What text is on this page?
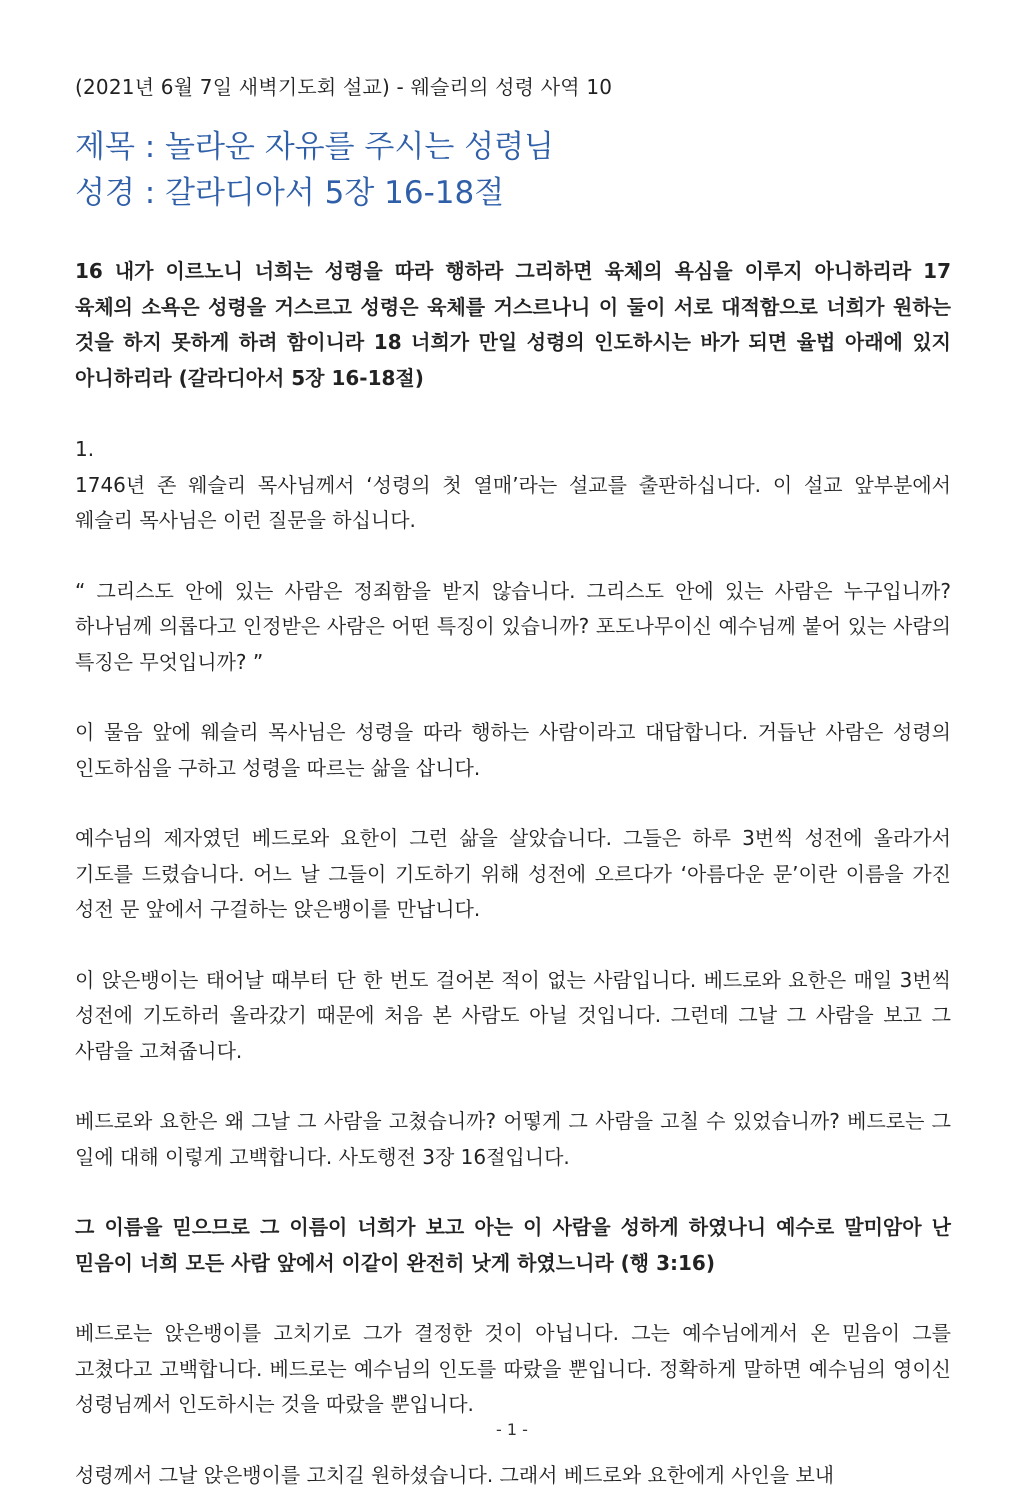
(2021년 6월 7일 새벽기도회 설교) - 웨슬리의 성령 사역 10
제목 : 놀라운 자유를 주시는 성령님
성경 : 갈라디아서 5장 16-18절

16 내가 이르노니 너희는 성령을 따라 행하라 그리하면 육체의 욕심을 이루지 아니하리라 17 육체의 소욕은 성령을 거스르고 성령은 육체를 거스르나니 이 둘이 서로 대적함으로 너희가 원하는 것을 하지 못하게 하려 함이니라 18 너희가 만일 성령의 인도하시는 바가 되면 율법 아래에 있지 아니하리라 (갈라디아서 5장 16-18절)

1.

1746년 존 웨슬리 목사님께서 ‘성령의 첫 열매’라는 설교를 출판하십니다. 이 설교 앞부분에서 웨슬리 목사님은 이런 질문을 하십니다.

“ 그리스도 안에 있는 사람은 정죄함을 받지 않습니다. 그리스도 안에 있는 사람은 누구입니까? 하나님께 의롭다고 인정받은 사람은 어떤 특징이 있습니까? 포도나무이신 예수님께 붙어 있는 사람의 특징은 무엇입니까? ”

이 물음 앞에 웨슬리 목사님은 성령을 따라 행하는 사람이라고 대답합니다. 거듭난 사람은 성령의 인도하심을 구하고 성령을 따르는 삶을 삽니다.

예수님의 제자였던 베드로와 요한이 그런 삶을 살았습니다. 그들은 하루 3번씩 성전에 올라가서 기도를 드렸습니다. 어느 날 그들이 기도하기 위해 성전에 오르다가 ‘아름다운 문’이란 이름을 가진 성전 문 앞에서 구걸하는 앉은뱅이를 만납니다.

이 앉은뱅이는 태어날 때부터 단 한 번도 걸어본 적이 없는 사람입니다. 베드로와 요한은 매일 3번씩 성전에 기도하러 올라갔기 때문에 처음 본 사람도 아닐 것입니다. 그런데 그날 그 사람을 보고 그 사람을 고쳐줍니다.

베드로와 요한은 왜 그날 그 사람을 고쳤습니까? 어떻게 그 사람을 고칠 수 있었습니까? 베드로는 그 일에 대해 이렇게 고백합니다. 사도행전 3장 16절입니다.

그 이름을 믿으므로 그 이름이 너희가 보고 아는 이 사람을 성하게 하였나니 예수로 말미암아 난 믿음이 너희 모든 사람 앞에서 이같이 완전히 낫게 하였느니라 (행 3:16)

베드로는 앉은뱅이를 고치기로 그가 결정한 것이 아닙니다. 그는 예수님에게서 온 믿음이 그를 고쳤다고 고백합니다. 베드로는 예수님의 인도를 따랐을 뿐입니다. 정확하게 말하면 예수님의 영이신 성령님께서 인도하시는 것을 따랐을 뿐입니다.

성령께서 그날 앉은뱅이를 고치길 원하셨습니다. 그래서 베드로와 요한에게 사인을 보내

- 1 -
